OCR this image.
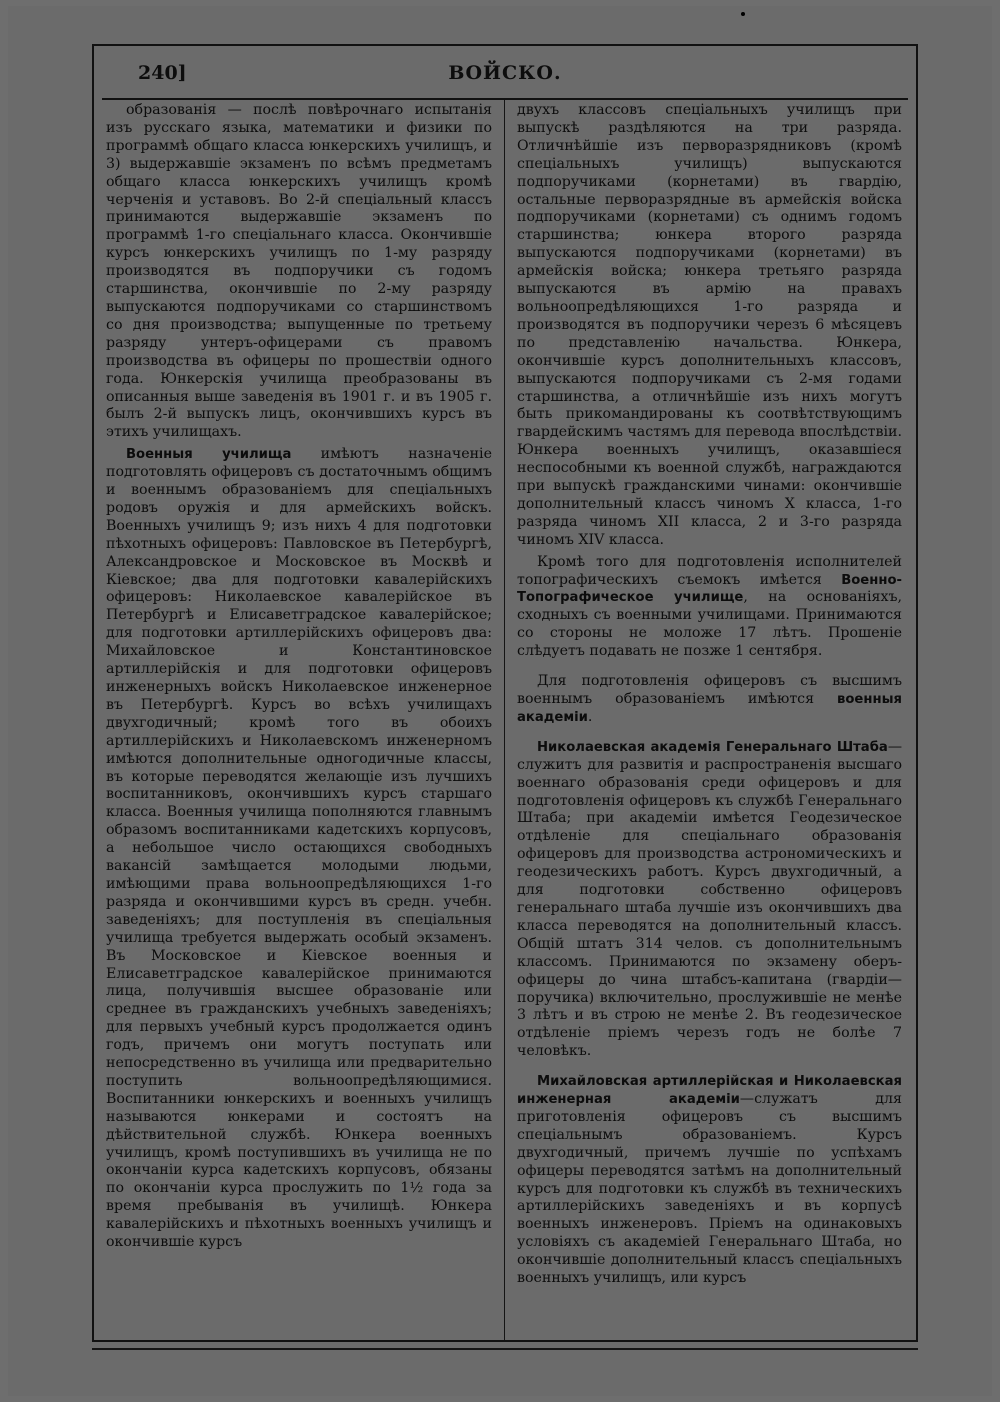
240]	ВОЙСКО.

образованія — послѣ повѣрочнаго испытанія изъ русскаго языка, математики и физики по программѣ общаго класса юнкерскихъ училищъ, и 3) выдержавшіе экзаменъ по всѣмъ предметамъ общаго класса юнкерскихъ училищъ кромѣ черченія и уставовъ. Во 2-й спеціальный классъ принимаются выдержавшіе экзаменъ по программѣ 1-го спеціальнаго класса. Окончившіе курсъ юнкерскихъ училищъ по 1-му разряду производятся въ подпоручики съ годомъ старшинства, окончившіе по 2-му разряду выпускаются подпоручиками со старшинствомъ со дня производства; выпущенные по третьему разряду унтеръ-офицерами съ правомъ производства въ офицеры по прошествіи одного года. Юнкерскія училища преобразованы въ описанныя выше заведенія въ 1901 г. и въ 1905 г. былъ 2-й выпускъ лицъ, окончившихъ курсъ въ этихъ училищахъ.

Военныя училища имѣютъ назначеніе подготовлять офицеровъ съ достаточнымъ общимъ и военнымъ образованіемъ для спеціальныхъ родовъ оружія и для армейскихъ войскъ. Военныхъ училищъ 9; изъ нихъ 4 для подготовки пѣхотныхъ офицеровъ: Павловское въ Петербургѣ, Александровское и Московское въ Москвѣ и Кіевское; два для подготовки кавалерійскихъ офицеровъ: Николаевское кавалерійское въ Петербургѣ и Елисаветградское кавалерійское; для подготовки артиллерійскихъ офицеровъ два: Михайловское и Константиновское артиллерійскія и для подготовки офицеровъ инженерныхъ войскъ Николаевское инженерное въ Петербургѣ. Курсъ во всѣхъ училищахъ двухгодичный; кромѣ того въ обоихъ артиллерійскихъ и Николаевскомъ инженерномъ имѣются дополнительные одногодичные классы, въ которые переводятся желающіе изъ лучшихъ воспитанниковъ, окончившихъ курсъ старшаго класса. Военныя училища пополняются главнымъ образомъ воспитанниками кадетскихъ корпусовъ, а небольшое число остающихся свободныхъ вакансій замѣщается молодыми людьми, имѣющими права вольноопредѣляющихся 1-го разряда и окончившими курсъ въ средн. учебн. заведеніяхъ; для поступленія въ спеціальныя училища требуется выдержать особый экзаменъ. Въ Московское и Кіевское военныя и Елисаветградское кавалерійское принимаются лица, получившія высшее образованіе или среднее въ гражданскихъ учебныхъ заведеніяхъ; для первыхъ учебный курсъ продолжается одинъ годъ, причемъ они могутъ поступать или непосредственно въ училища или предварительно поступить вольноопредѣляющимися. Воспитанники юнкерскихъ и военныхъ училищъ называются юнкерами и состоятъ на дѣйствительной службѣ. Юнкера военныхъ училищъ, кромѣ поступившихъ въ училища не по окончаніи курса кадетскихъ корпусовъ, обязаны по окончаніи курса прослужить по 1½ года за время пребыванія въ училищѣ. Юнкера кавалерійскихъ и пѣхотныхъ военныхъ училищъ и окончившіе курсъ

двухъ классовъ спеціальныхъ училищъ при выпускѣ раздѣляются на три разряда. Отличнѣйшіе изъ перворазрядниковъ (кромѣ спеціальныхъ училищъ) выпускаются подпоручиками (корнетами) въ гвардію, остальные перворазрядные въ армейскія войска подпоручиками (корнетами) съ однимъ годомъ старшинства; юнкера второго разряда выпускаются подпоручиками (корнетами) въ армейскія войска; юнкера третьяго разряда выпускаются въ армію на правахъ вольноопредѣляющихся 1-го разряда и производятся въ подпоручики черезъ 6 мѣсяцевъ по представленію начальства. Юнкера, окончившіе курсъ дополнительныхъ классовъ, выпускаются подпоручиками съ 2-мя годами старшинства, а отличнѣйшіе изъ нихъ могутъ быть прикомандированы къ соотвѣтствующимъ гвардейскимъ частямъ для перевода впослѣдствіи. Юнкера военныхъ училищъ, оказавшіеся неспособными къ военной службѣ, награждаются при выпускѣ гражданскими чинами: окончившіе дополнительный классъ чиномъ X класса, 1-го разряда чиномъ XII класса, 2 и 3-го разряда чиномъ XIV класса.

Кромѣ того для подготовленія исполнителей топографическихъ съемокъ имѣется Военно-Топографическое училище, на основаніяхъ, сходныхъ съ военными училищами. Принимаются со стороны не моложе 17 лѣтъ. Прошеніе слѣдуетъ подавать не позже 1 сентября.

Для подготовленія офицеровъ съ высшимъ военнымъ образованіемъ имѣются военныя академіи.

Николаевская академія Генеральнаго Штаба—служитъ для развитія и распространенія высшаго военнаго образованія среди офицеровъ и для подготовленія офицеровъ къ службѣ Генеральнаго Штаба; при академіи имѣется Геодезическое отдѣленіе для спеціальнаго образованія офицеровъ для производства астрономическихъ и геодезическихъ работъ. Курсъ двухгодичный, а для подготовки собственно офицеровъ генеральнаго штаба лучшіе изъ окончившихъ два класса переводятся на дополнительный классъ. Общій штатъ 314 челов. съ дополнительнымъ классомъ. Принимаются по экзамену оберъ-офицеры до чина штабсъ-капитана (гвардіи—поручика) включительно, прослужившіе не менѣе 3 лѣтъ и въ строю не менѣе 2. Въ геодезическое отдѣленіе пріемъ черезъ годъ не болѣе 7 человѣкъ.

Михайловская артиллерійская и Николаевская инженерная академіи—служатъ для приготовленія офицеровъ съ высшимъ спеціальнымъ образованіемъ. Курсъ двухгодичный, причемъ лучшіе по успѣхамъ офицеры переводятся затѣмъ на дополнительный курсъ для подготовки къ службѣ въ техническихъ артиллерійскихъ заведеніяхъ и въ корпусѣ военныхъ инженеровъ. Пріемъ на одинаковыхъ условіяхъ съ академіей Генеральнаго Штаба, но окончившіе дополнительный классъ спеціальныхъ военныхъ училищъ, или курсъ
